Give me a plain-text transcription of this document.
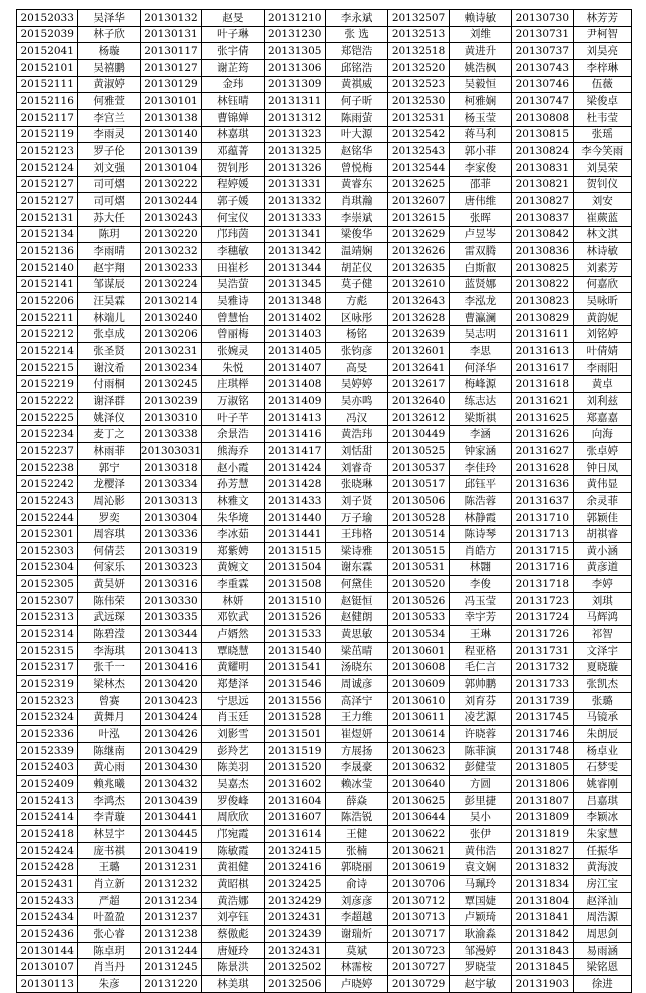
20152033	吴泽华	20130132	赵旻	20131210	李永斌	20132507	赖诗敏	20130730	林芳芳
20152039	林子欣	20130131	叶子琳	20131230	张 选	20132513	刘维	20130731	尹柯智
20152041	杨璇	20130117	张宇倩	20131305	郑铠浩	20132518	黄进升	20130737	刘昊亮
20152101	吴禧鹏	20130127	谢芷筠	20131306	邱铭浩	20132520	姚浩枫	20130743	李梓琳
20152111	黄淑婷	20130129	金玮	20131309	黄祺威	20132523	吴毅恒	20130746	伍薇
20152116	何雅萱	20130101	林钰晴	20131311	何子昕	20132530	柯雅娴	20130747	梁俊卓
20152117	李宫兰	20130138	曹锦婵	20131312	陈雨萤	20132531	杨玉莹	20130808	杜韦莹
20152119	李雨灵	20130140	林嘉琪	20131323	叶大源	20132542	蒋马利	20130815	张瑶
20152123	罗子伦	20130139	邓蕴菁	20131325	赵铭华	20132543	郭小菲	20130824	李今笑雨
20152124	刘文强	20130104	贺钊彤	20131326	曾悦梅	20132544	李家俊	20130831	刘昊荣
20152127	司可熠	20130222	程婷媛	20131331	黄睿东	20132625	邵菲	20130821	贺钊仪
20152127	司可熠	20130244	郭子媛	20131332	肖琪瀚	20132607	唐伟维	20130827	刘安
20152131	苏大任	20130243	何宝仪	20131333	李崇斌	20132615	张晖	20130837	崔蕨蓝
20152134	陈玥	20130220	邝玮茵	20131341	梁俊华	20132629	卢昱岑	20130842	林文淇
20152136	李雨晴	20130232	李穗敏	20131342	温靖娴	20132626	雷双腾	20130836	林诗敏
20152140	赵宇翔	20130233	田崔杉	20131344	胡芷仪	20132635	白斯叡	20130825	刘素芳
20152141	邹谋辰	20130224	吴浩萤	20131345	莫子健	20132610	蓝贤娜	20130822	何嘉欣
20152206	汪昊霖	20130214	吴雅诗	20131348	方彪	20132643	李泓龙	20130823	吴咏昕
20152211	林端儿	20130240	曾慧怡	20131402	区咏彤	20132628	曹瀛澜	20130829	黄韵妮
20152212	张卓成	20130206	曾丽梅	20131403	杨铭	20132639	吴志明	20131611	刘铭婷
20152214	张圣贤	20130231	张婉灵	20131405	张钧彦	20132601	李思	20131613	叶倩婧
20152215	谢汶希	20130234	朱悦	20131407	高旻	20132641	何泽华	20131617	李雨阳
20152219	付雨桐	20130245	庄琪榉	20131408	吴婷婷	20132617	梅峰源	20131618	黄卓
20152222	谢泽群	20130239	万淑铭	20131409	吴亦鸣	20132640	练志达	20131621	刘利兹
20152225	姚泽仪	20130310	叶子芊	20131413	冯汉	20132612	梁斯祺	20131625	郑嘉嘉
20152234	麦丁之	20130338	余景浩	20131416	黄浩玮	20130449	李涵	20131626	向海
20152237	林雨菲	201303031	熊海乔	20131417	刘恬甜	20130525	钟家涵	20131627	张卓婷
20152238	郭宁	20130318	赵小霞	20131424	刘睿奇	20130537	李佳玲	20131628	钟日凤
20152242	龙樱泽	20130334	孙芳慧	20131428	张晓琳	20130517	邱钰平	20131636	黄伟显
20152243	周沁影	20130313	林雅文	20131433	刘子贤	20130506	陈浩蓉	20131637	余灵菲
20152244	罗奕	20130304	朱华境	20131440	万子瑜	20130528	林静霞	20131710	郭颖佳
20152301	周容琪	20130336	李冰茹	20131441	王玮格	20130514	陈诗琴	20131713	胡祺睿
20152303	何倩芸	20130319	郑紫娉	20131515	梁诗雅	20130515	肖皓方	20131715	黄小涵
20152304	何家乐	20130323	黄婉文	20131504	谢东霖	20130531	林翾	20131716	黄彦道
20152305	黄昊妍	20130316	李重霖	20131508	何黛佳	20130520	李俊	20131718	李婷
20152307	陈伟荣	20130330	林妍	20131510	赵铤恒	20130526	冯玉莹	20131723	刘琪
20152313	武远琛	20130335	邓钦武	20131526	赵健朗	20130533	幸宇芳	20131724	马辉鸿
20152314	陈碧滢	20130344	卢婿然	20131533	黄思敏	20130534	王琳	20131726	祁智
20152315	李海琪	20130413	覃晓慧	20131540	梁茁晴	20130601	程亚格	20131731	文泽宇
20152317	张千一	20130416	黄耀明	20131541	汤晓东	20130608	毛仁言	20131732	夏晓璇
20152319	梁林杰	20130420	郑楚泽	20131546	周诚彦	20130609	郭帅鹏	20131733	张凯杰
20152323	曾赛	20130423	宁思远	20131556	高泽宁	20130610	刘育芬	20131739	张璐
20152324	黄舞月	20130424	肖玉廷	20131528	王力维	20130611	凌艺源	20131745	马镜承
20152336	叶泓	20130426	刘影雪	20131501	崔煜妍	20130614	许晓蓉	20131746	朱朗辰
20152339	陈继南	20130429	彭羚艺	20131519	方展扬	20130623	陈菲演	20131748	杨卓业
20152403	黄心雨	20130430	陈美羽	20131520	李晟豪	20130632	彭健莹	20131805	石梦雯
20152409	赖兆曦	20130432	吴嘉杰	20131602	赖冰莹	20130640	方圆	20131806	姚睿刚
20152413	李鸿杰	20130439	罗俊峰	20131604	薛焱	20130625	彭里捷	20131807	吕嘉琪
20152414	李青璇	20130441	周欣欣	20131607	陈浩锐	20130644	吴小	20131809	李颖冰
20152418	林昱宇	20130445	邝宛霞	20131614	王健	20130622	张伊	20131819	朱家慧
20152424	庞书祺	20130419	陈敏霞	20132415	张楠	20130621	黄伟浩	20131827	任振华
20152428	王璐	20131231	黄祖健	20132416	郭晓丽	20130619	袁文娴	20131832	黄海波
20152431	肖立新	20131232	黄昭棋	20132425	俞诗	20130706	马珮玲	20131834	房江宝
20152433	严超	20131234	黄浩娜	20132429	刘彦彦	20130712	覃国婕	20131804	赵泽汕
20152434	叶盈盈	20131237	刘亭钰	20132431	李超越	20130713	卢颖琦	20131841	周浩源
20152436	张心睿	20131238	蔡傲彪	20132439	谢瑞炘	20130717	耿渝淼	20131842	周思剑
20130144	陈卓玥	20131244	唐娅玲	20132431	莫斌	20130723	邹漫婷	20131843	易雨涵
20130107	肖当丹	20131245	陈景洪	20132502	林霈桉	20130727	罗晓莹	20131845	梁铭恩
20130113	朱彦	20131220	林美琪	20132506	卢晓婷	20130729	赵宇敏	20131903	徐进
